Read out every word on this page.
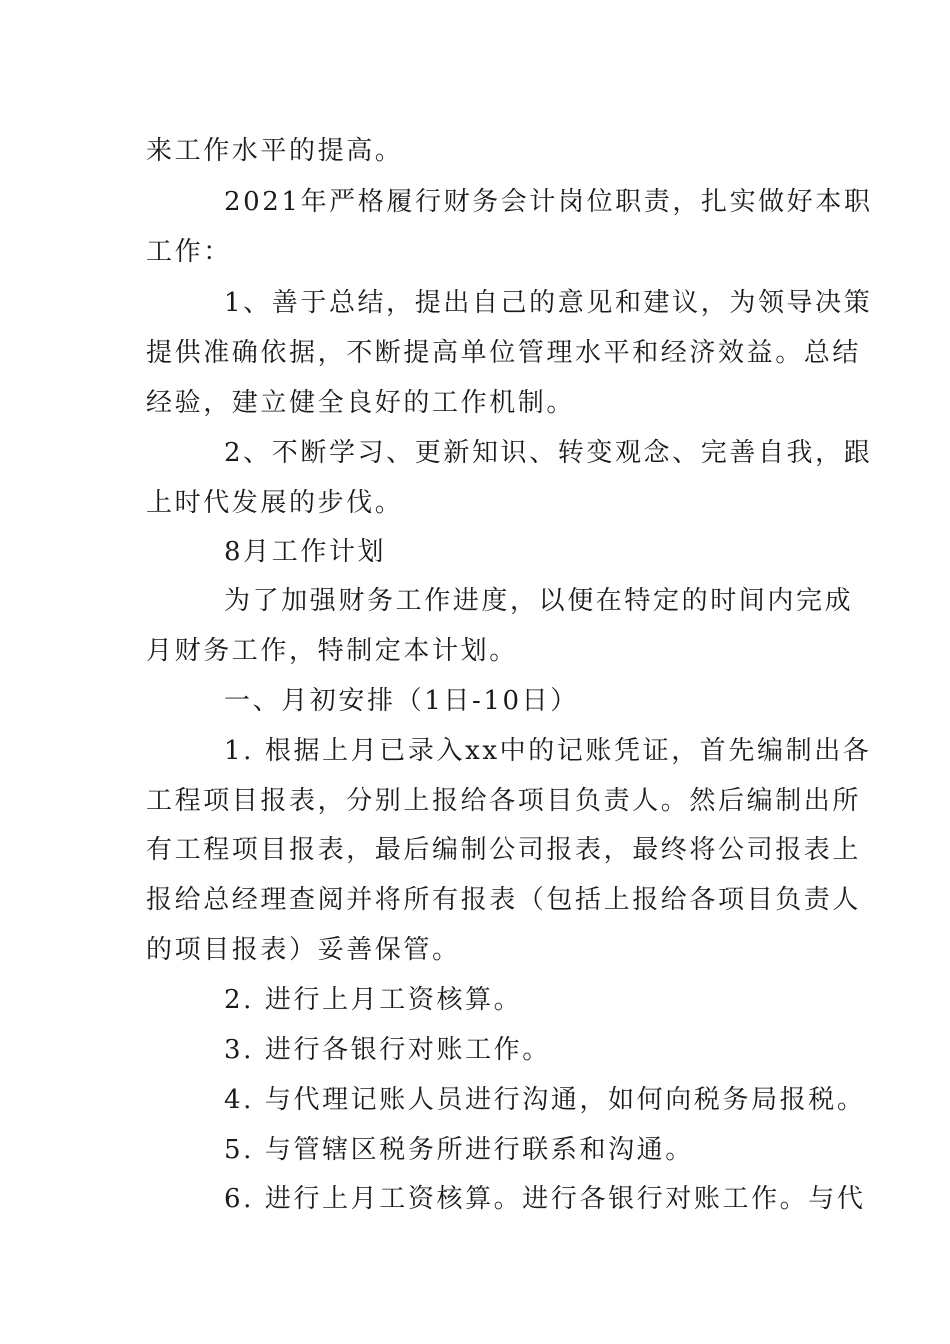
来工作水平的提高。
2021年严格履行财务会计岗位职责，扎实做好本职
工作：
1、善于总结，提出自己的意见和建议，为领导决策
提供准确依据，不断提高单位管理水平和经济效益。总结
经验，建立健全良好的工作机制。
2、不断学习、更新知识、转变观念、完善自我，跟
上时代发展的步伐。
8月工作计划
为了加强财务工作进度，以便在特定的时间内完成
月财务工作，特制定本计划。
一、月初安排（1日-10日）
1. 根据上月已录入xx中的记账凭证，首先编制出各
工程项目报表，分别上报给各项目负责人。然后编制出所
有工程项目报表，最后编制公司报表，最终将公司报表上
报给总经理查阅并将所有报表（包括上报给各项目负责人
的项目报表）妥善保管。
2. 进行上月工资核算。
3. 进行各银行对账工作。
4. 与代理记账人员进行沟通，如何向税务局报税。
5. 与管辖区税务所进行联系和沟通。
6. 进行上月工资核算。进行各银行对账工作。与代
